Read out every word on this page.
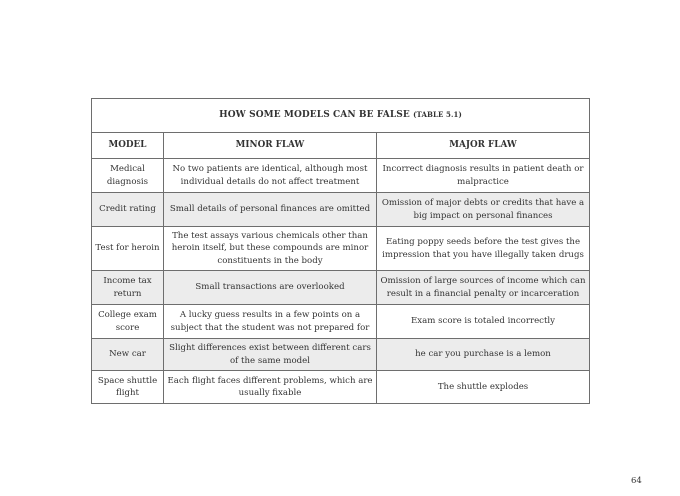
HOW SOME MODELS CAN BE FALSE (TABLE 5.1)		
MODEL	MINOR FLAW	MAJOR FLAW
Medical diagnosis	No two patients are identical, although most individual details do not affect treatment	Incorrect diagnosis results in patient death or malpractice
Credit rating	Small details of personal finances are omitted	Omission of major debts or credits that have a big impact on personal finances
Test for heroin	The test assays various chemicals other than heroin itself, but these compounds are minor constituents in the body	Eating poppy seeds before the test gives the impression that you have illegally taken drugs
Income tax return	Small transactions are overlooked	Omission of large sources of income which can result in a financial penalty or incarceration
College exam score	A lucky guess results in a few points on a subject that the student was not prepared for	Exam score is totaled incorrectly
New car	Slight differences exist between different cars of the same model	he car you purchase is a lemon
Space shuttle flight	Each flight faces different problems, which are usually fixable	The shuttle explodes
64
